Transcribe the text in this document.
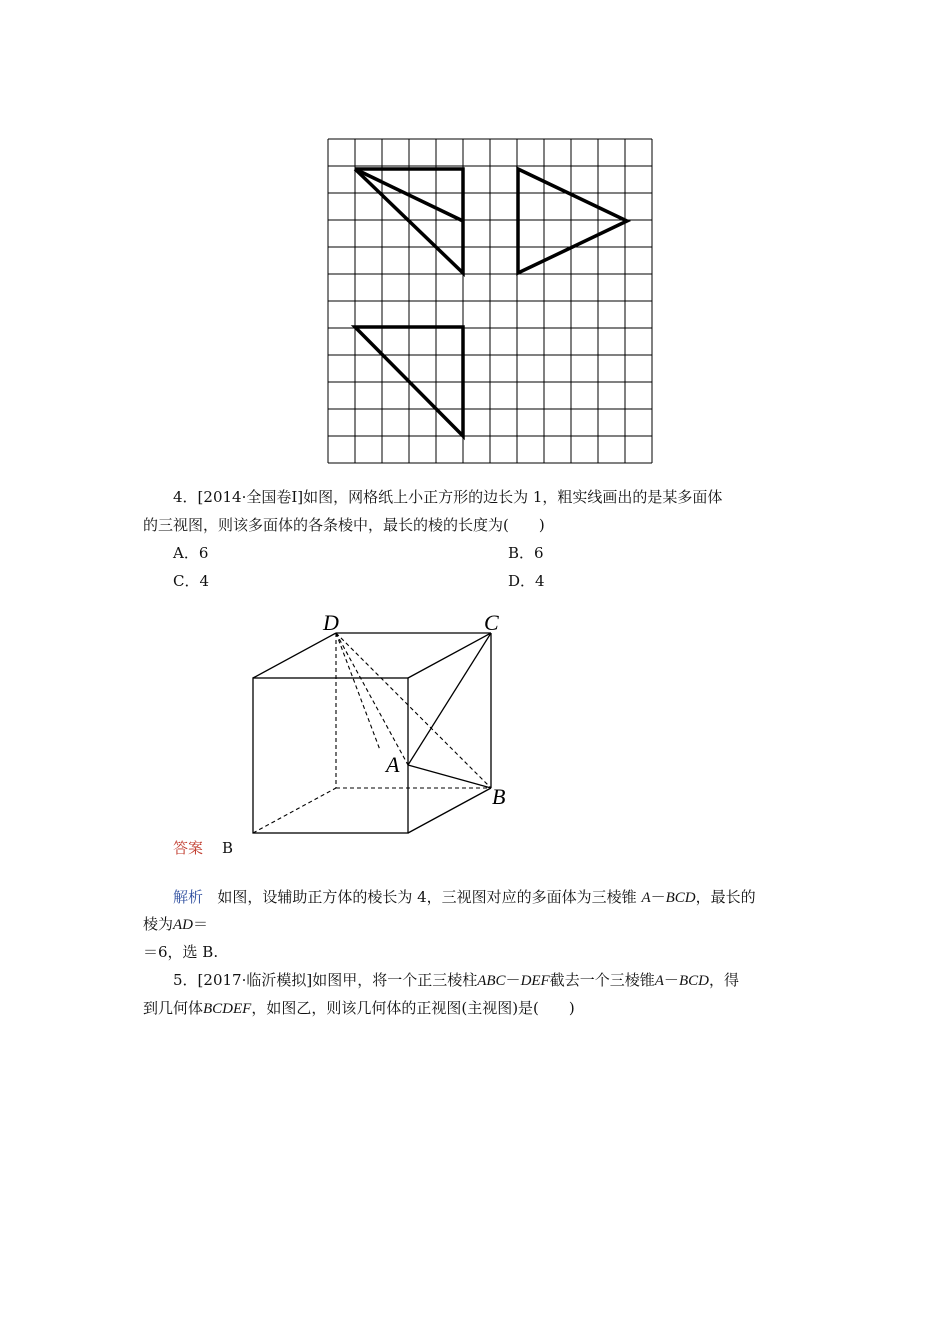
4．[2014·全国卷Ⅰ]如图，网格纸上小正方形的边长为 1，粗实线画出的是某多面体
的三视图，则该多面体的各条棱中，最长的棱的长度为(　　)
A．6	B．6
C．4	D．4
D	C
A
B
答案 B
解析 如图，设辅助正方体的棱长为 4，三视图对应的多面体为三棱锥 A－BCD，最长的
棱为AD＝
＝6，选 B.
5．[2017·临沂模拟]如图甲，将一个正三棱柱ABC－DEF截去一个三棱锥A－BCD，得
到几何体BCDEF，如图乙，则该几何体的正视图(主视图)是(　　)
